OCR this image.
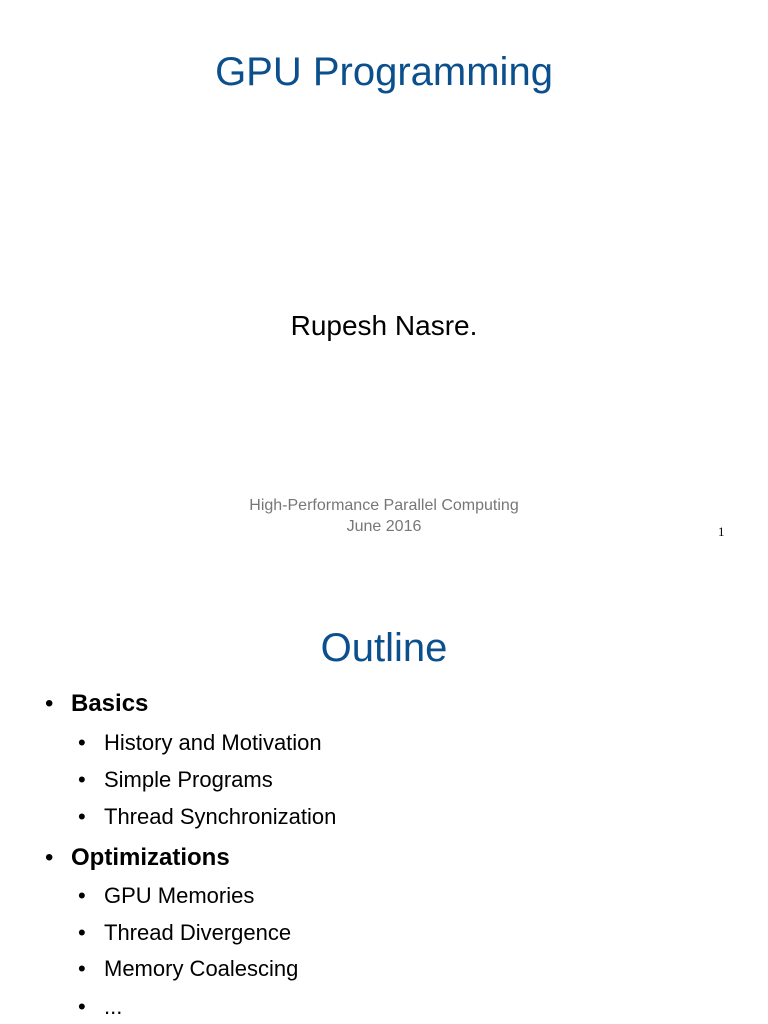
GPU Programming
Rupesh Nasre.
High-Performance Parallel Computing
June 2016	1
Outline
• Basics
• History and Motivation
• Simple Programs
• Thread Synchronization
• Optimizations
• GPU Memories
• Thread Divergence
• Memory Coalescing
• ...
